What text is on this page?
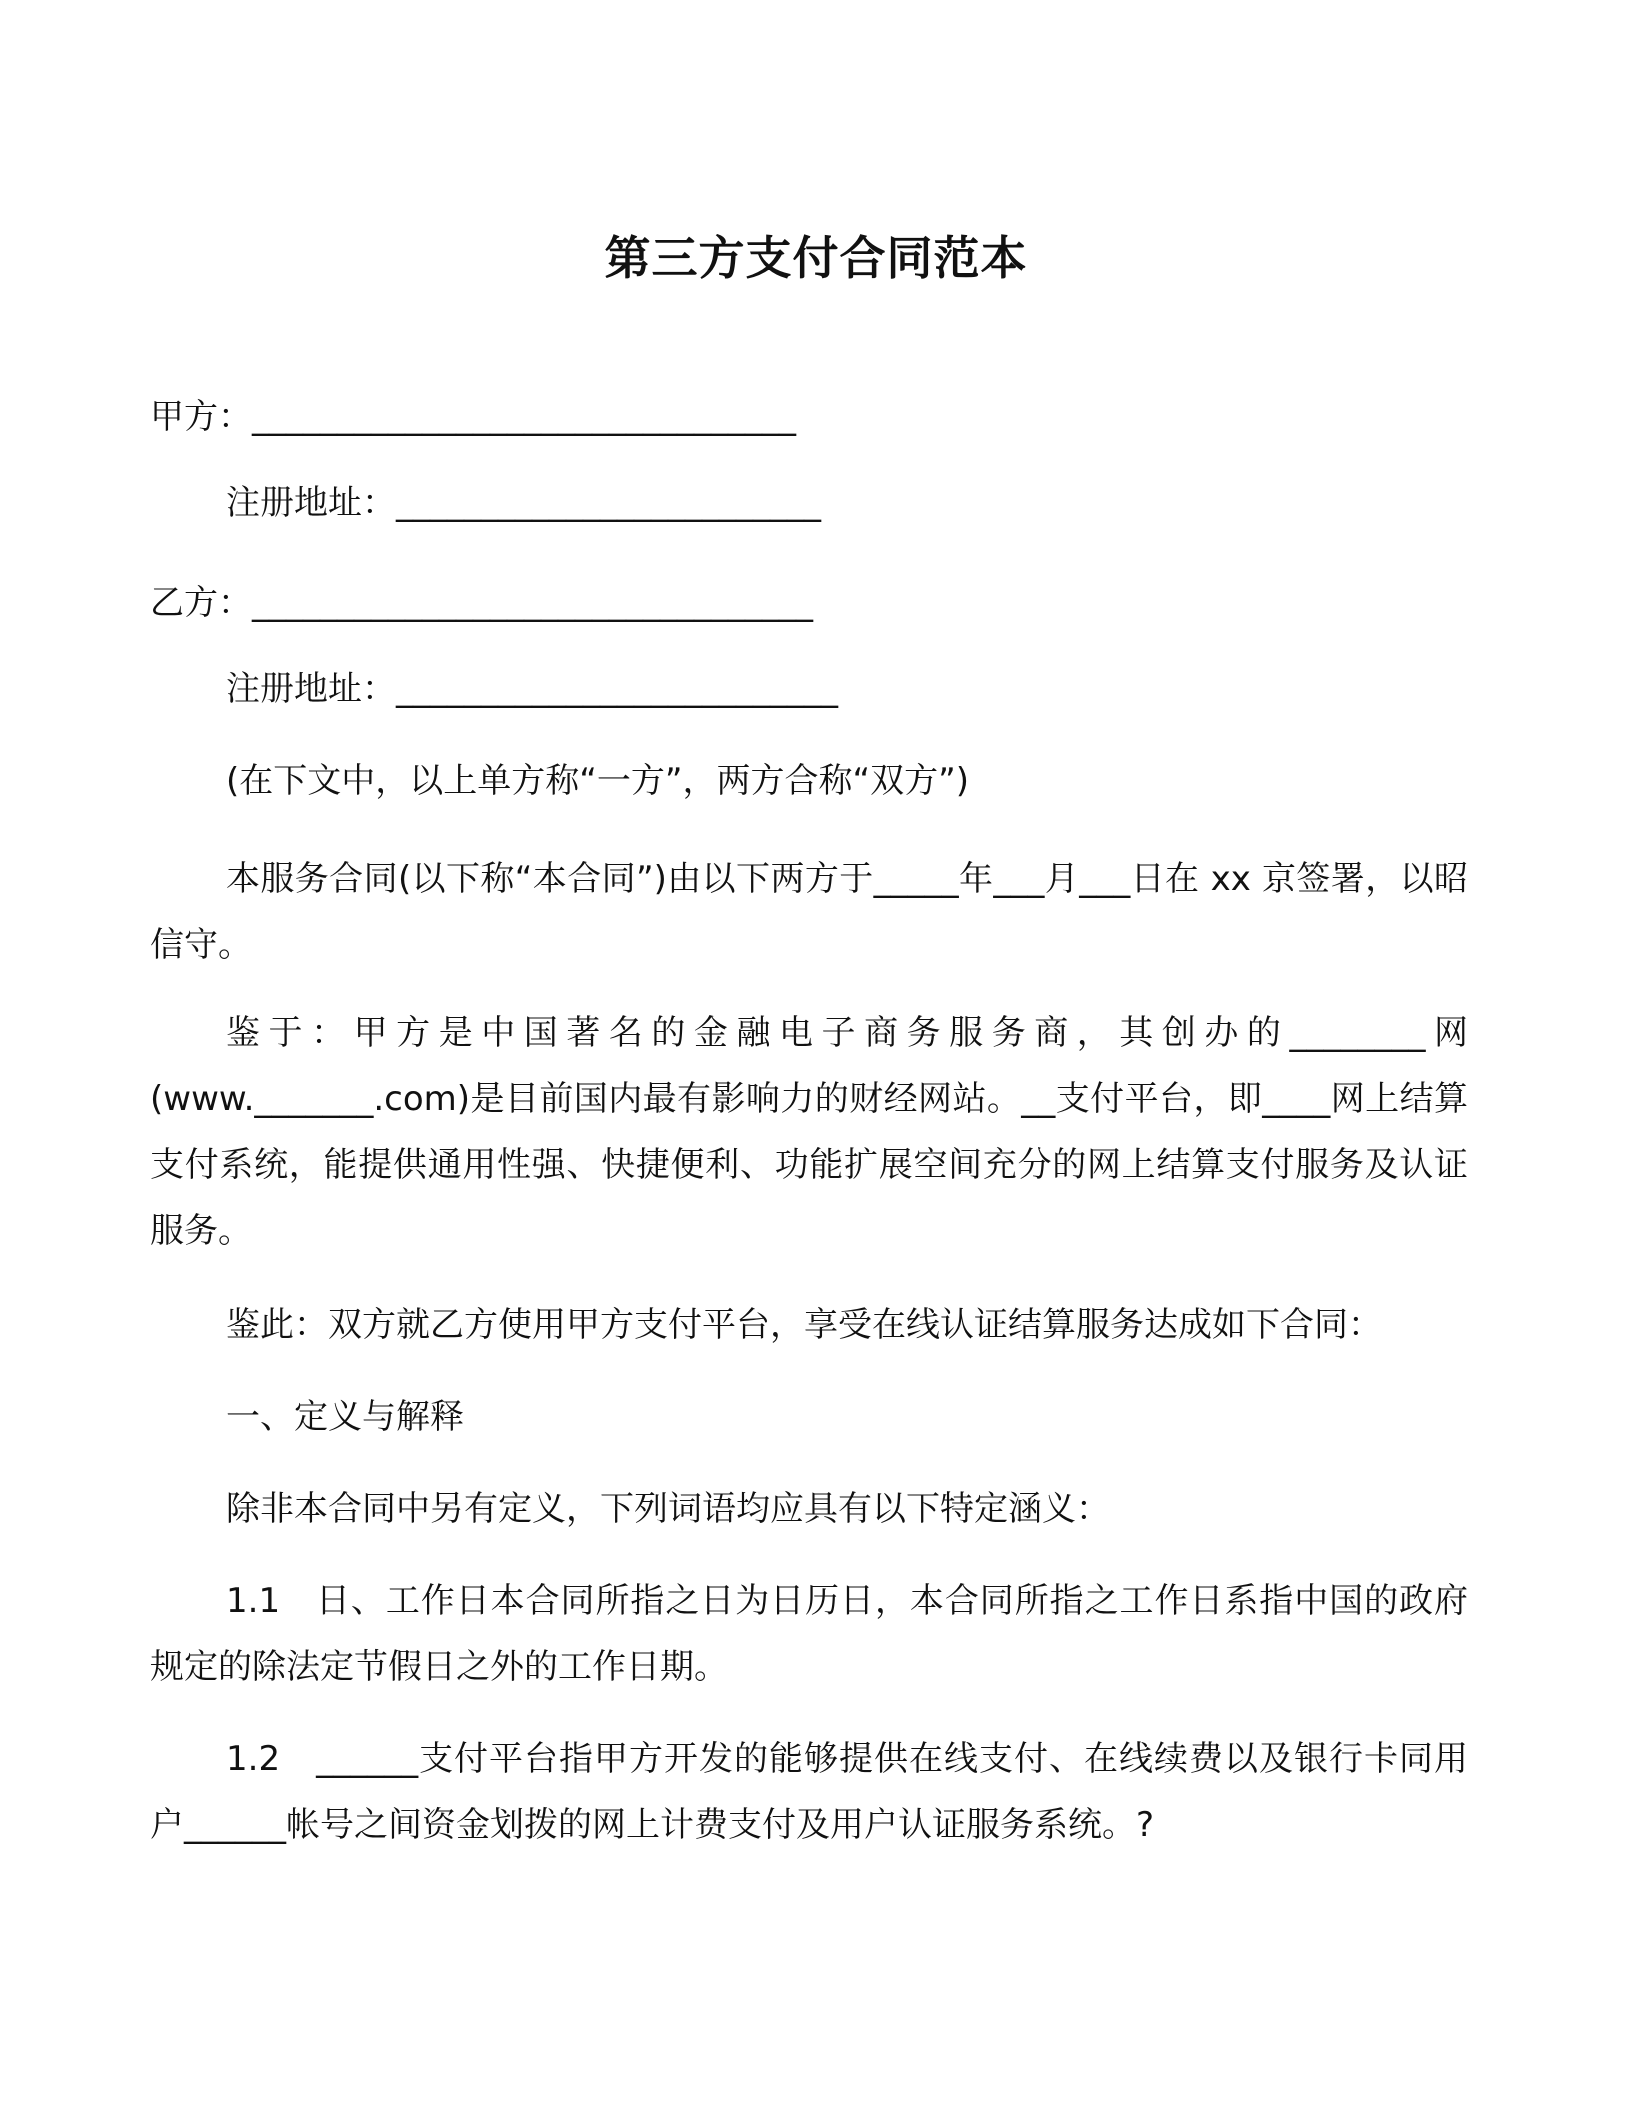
第三方支付合同范本
甲方：________________________________
注册地址：_________________________
乙方：_________________________________
注册地址：__________________________
(在下文中，以上单方称“一方”，两方合称“双方”)
本服务合同(以下称“本合同”)由以下两方于_____年___月___日在 xx 京签署，以昭信守。
鉴于：甲方是中国著名的金融电子商务服务商，其创办的________网(www._______.com)是目前国内最有影响力的财经网站。__支付平台，即____网上结算支付系统，能提供通用性强、快捷便利、功能扩展空间充分的网上结算支付服务及认证服务。
鉴此：双方就乙方使用甲方支付平台，享受在线认证结算服务达成如下合同：
一、定义与解释
除非本合同中另有定义，下列词语均应具有以下特定涵义：
1.1　日、工作日本合同所指之日为日历日，本合同所指之工作日系指中国的政府规定的除法定节假日之外的工作日期。
1.2　______支付平台指甲方开发的能够提供在线支付、在线续费以及银行卡同用户______帐号之间资金划拨的网上计费支付及用户认证服务系统。?
